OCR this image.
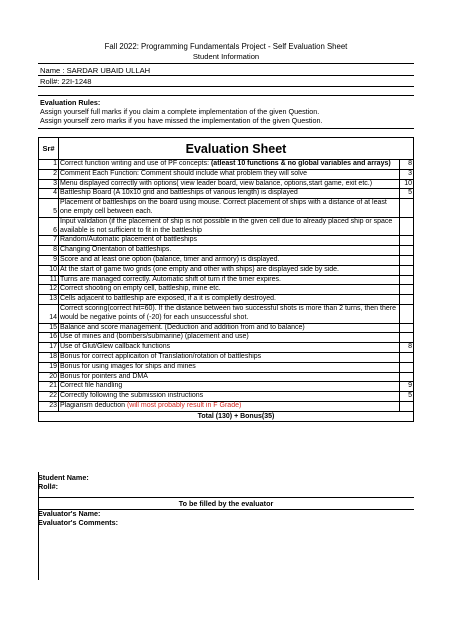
Fall 2022: Programming Fundamentals Project - Self Evaluation Sheet
Student Information
Name : SARDAR UBAID ULLAH
Roll#: 22I-1248
Evaluation Rules:
Assign yourself full marks if you claim a complete implementation of the given Question.
Assign yourself zero marks if you have missed the implementation of the given Question.
Sr#	Evaluation Sheet
1 Correct function writing and use of PF concepts: (atleast 10 functions & no global variables and arrays)	8
2 Comment Each Function: Comment should include what problem they will solve	3
3 Menu displayed correctly with options( view leader board, view balance, options,start game, exit etc.)	10
4 Battleship Board (A 10x10 grid and battleships of various length) is displayed	5
5
Placement of battleships on the board using mouse. Correct placement of ships with a distance of at least one empty cell between each.
6
Input validation (if the placement of ship is not possible in the given cell due to already placed ship or space available is not sufficient to fit in the battleship
7 Random/Automatic placement of battleships
8 Changing Orientation of battleships.
9 Score and at least one option (balance, timer and armory) is displayed.
10 At the start of game two grids (one empty and other with ships) are displayed side by side.
11 Turns are managed correctly. Automatic shift of turn if the timer expires.
12 Correct shooting on empty cell, battleship, mine etc.
13 Cells adjacent to battleship are exposed, if a it is completly destroyed.
14
Correct scoring(correct hit=60). If the distance between two successful shots is more than 2 turns, then there would be negative points of (-20) for each unsuccessful shot.
15 Balance and score management. (Deduction and addition from and to balance)
16 Use of mines and (bombers/submarine) (placement and use)
17 Use of Glut/Glew callback functions	8
18 Bonus for correct applicaiton of Translation/rotation of battleships
19 Bonus for using images for ships and mines
20 Bonus for pointers and DMA
21 Correct file handling	9
22 Correctly following the submission instructions	5
23 Plagiarism deduction (will most probably result in F Grade)
Total (130) + Bonus(35)
Student Name:
Roll#:
To be filled by the evaluator
Evaluator's Name:
Evaluator's Comments:
